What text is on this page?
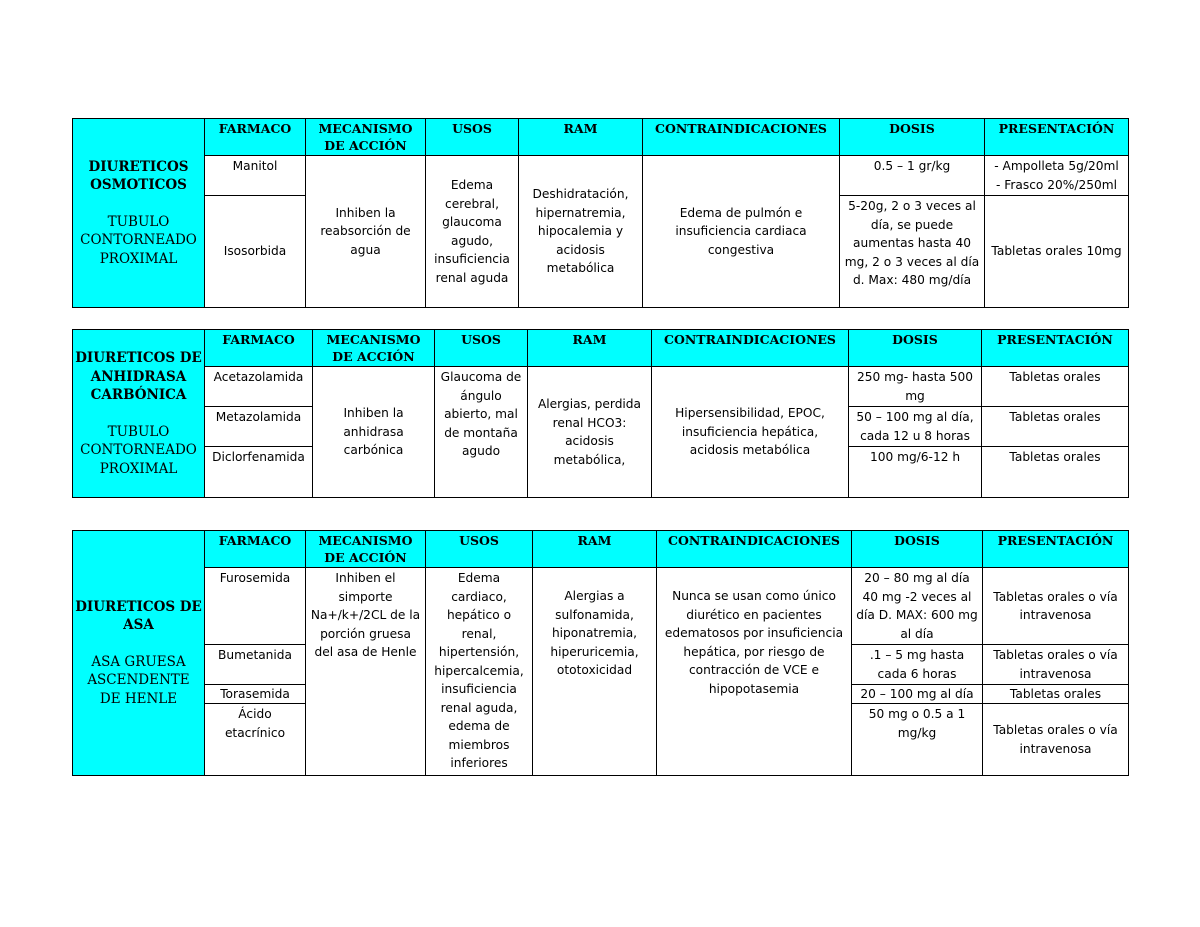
DIURETICOS OSMOTICOS
TUBULO CONTORNEADO PROXIMAL	FARMACO	MECANISMO DE ACCIÓN	USOS	RAM	CONTRAINDICACIONES	DOSIS	PRESENTACIÓN
	Manitol	Inhiben la reabsorción de agua	Edema cerebral, glaucoma agudo, insuficiencia renal aguda	Deshidratación, hipernatremia, hipocalemia y acidosis metabólica	Edema de pulmón e insuficiencia cardiaca congestiva	0.5 – 1 gr/kg	- Ampolleta 5g/20ml
- Frasco 20%/250ml

	Isosorbida					5-20g, 2 o 3 veces al día, se puede aumentas hasta 40 mg, 2 o 3 veces al día d. Max: 480 mg/día	Tabletas orales 10mg
DIURETICOS DE ANHIDRASA CARBÓNICA
TUBULO CONTORNEADO PROXIMAL	FARMACO	MECANISMO DE ACCIÓN	USOS	RAM	CONTRAINDICACIONES	DOSIS	PRESENTACIÓN
	Acetazolamida	Inhiben la anhidrasa carbónica	Glaucoma de ángulo abierto, mal de montaña agudo	Alergias, perdida renal HCO3: acidosis metabólica,	Hipersensibilidad, EPOC, insuficiencia hepática, acidosis metabólica	250 mg- hasta 500 mg	Tabletas orales
	Metazolamida					50 – 100 mg al día, cada 12 u 8 horas	Tabletas orales
	Diclorfenamida					100 mg/6-12 h	Tabletas orales
DIURETICOS DE ASA
ASA GRUESA ASCENDENTE DE HENLE	FARMACO	MECANISMO DE ACCIÓN	USOS	RAM	CONTRAINDICACIONES	DOSIS	PRESENTACIÓN
	Furosemida	Inhiben el simporte Na+/k+/2CL de la porción gruesa del asa de Henle	Edema cardiaco, hepático o renal, hipertensión, hipercalcemia, insuficiencia renal aguda, edema de miembros inferiores	Alergias a sulfonamida, hiponatremia, hiperuricemia, ototoxicidad	Nunca se usan como único diurético en pacientes edematosos por insuficiencia hepática, por riesgo de contracción de VCE e hipopotasemia	20 – 80 mg al día 40 mg -2 veces al día D. MAX: 600 mg al día	Tabletas orales o vía intravenosa
	Bumetanida					.1 – 5 mg hasta cada 6 horas	Tabletas orales o vía intravenosa
	Torasemida					20 – 100 mg al día	Tabletas orales
	Ácido etacrínico					50 mg o 0.5 a 1 mg/kg	Tabletas orales o vía intravenosa
